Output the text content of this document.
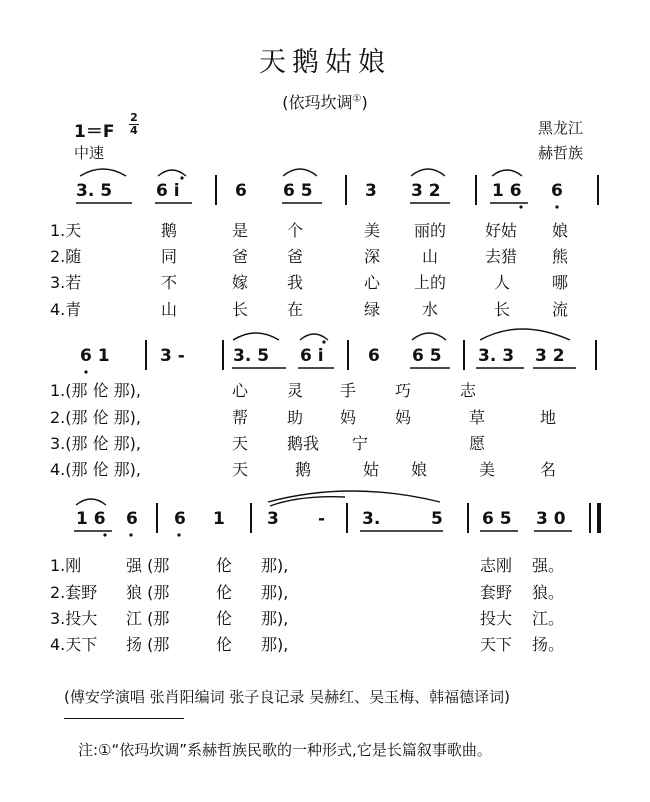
天鹅姑娘
(依玛坎调①)
1＝F
2
4
中速
黑龙江
赫哲族
3. 5	6 i	6 6 5	3 3 2	1 6 6
1.天	鹅	是 个	美 丽的 好姑 娘
2.随	同	爸 爸	深	山	去猎 熊
3.若	不	嫁 我	心 上的	人	哪
4.青	山	长 在	绿	水	长	流
6 1	3 -	3. 5 6 i	6 6 5 3. 3 3 2
1.(那 伦 那),	心 灵 手 巧	志
2.(那 伦 那),	帮 助 妈 妈	草	地
3.(那 伦 那),	天 鹅我 宁	愿
4.(那 伦 那),	天	鹅	姑 娘	美	名
1 6 6 6 1 3 - 3.	5 6 5 3 0
1.刚	强 (那	伦 那),	志刚 强。
2.套野 狼 (那	伦 那),	套野 狼。
3.投大 江 (那	伦 那),	投大 江。
4.天下 扬 (那	伦 那),	天下 扬。
(傅安学演唱 张肖阳编词 张子良记录 吴赫红、吴玉梅、韩福德译词)
注:①“依玛坎调”系赫哲族民歌的一种形式,它是长篇叙事歌曲。
